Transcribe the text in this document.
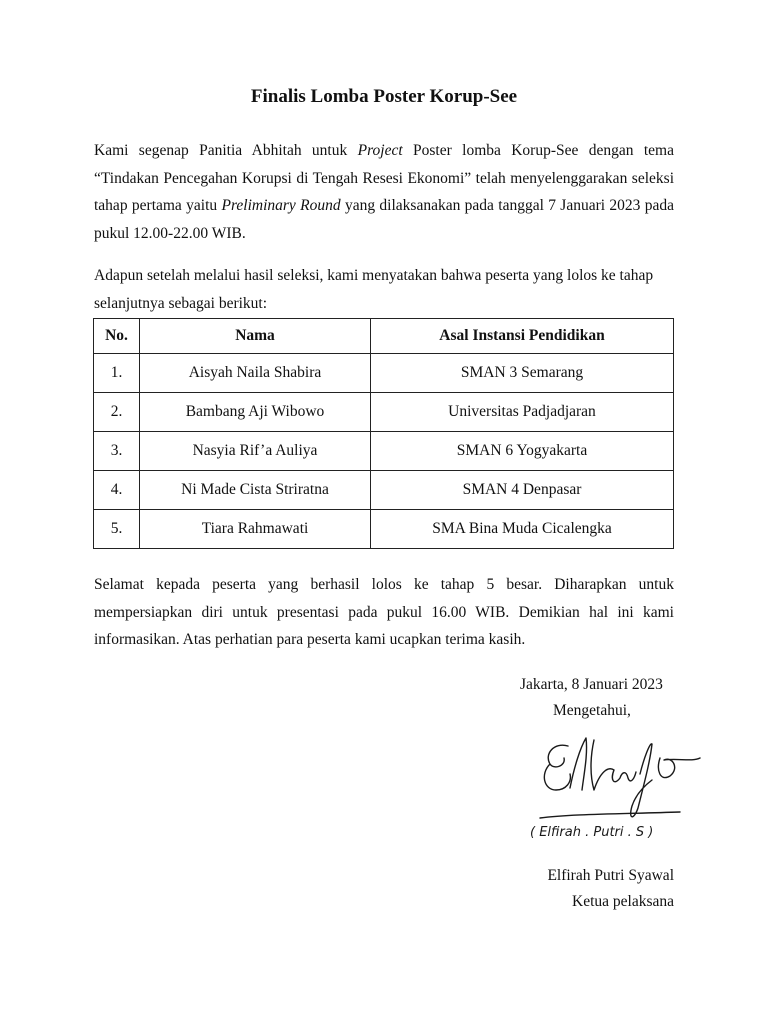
Finalis Lomba Poster Korup-See
Kami segenap Panitia Abhitah untuk Project Poster lomba Korup-See dengan tema “Tindakan Pencegahan Korupsi di Tengah Resesi Ekonomi” telah menyelenggarakan seleksi tahap pertama yaitu Preliminary Round yang dilaksanakan pada tanggal 7 Januari 2023 pada pukul 12.00-22.00 WIB.
Adapun setelah melalui hasil seleksi, kami menyatakan bahwa peserta yang lolos ke tahap selanjutnya sebagai berikut:
No.	Nama	Asal Instansi Pendidikan
1.	Aisyah Naila Shabira	SMAN 3 Semarang
2.	Bambang Aji Wibowo	Universitas Padjadjaran
3.	Nasyia Rif’a Auliya	SMAN 6 Yogyakarta
4.	Ni Made Cista Striratna	SMAN 4 Denpasar
5.	Tiara Rahmawati	SMA Bina Muda Cicalengka
Selamat kepada peserta yang berhasil lolos ke tahap 5 besar. Diharapkan untuk mempersiapkan diri untuk presentasi pada pukul 16.00 WIB. Demikian hal ini kami informasikan. Atas perhatian para peserta kami ucapkan terima kasih.
Jakarta, 8 Januari 2023
Mengetahui,
( Elfirah . Putri . S )
Elfirah Putri Syawal
Ketua pelaksana
